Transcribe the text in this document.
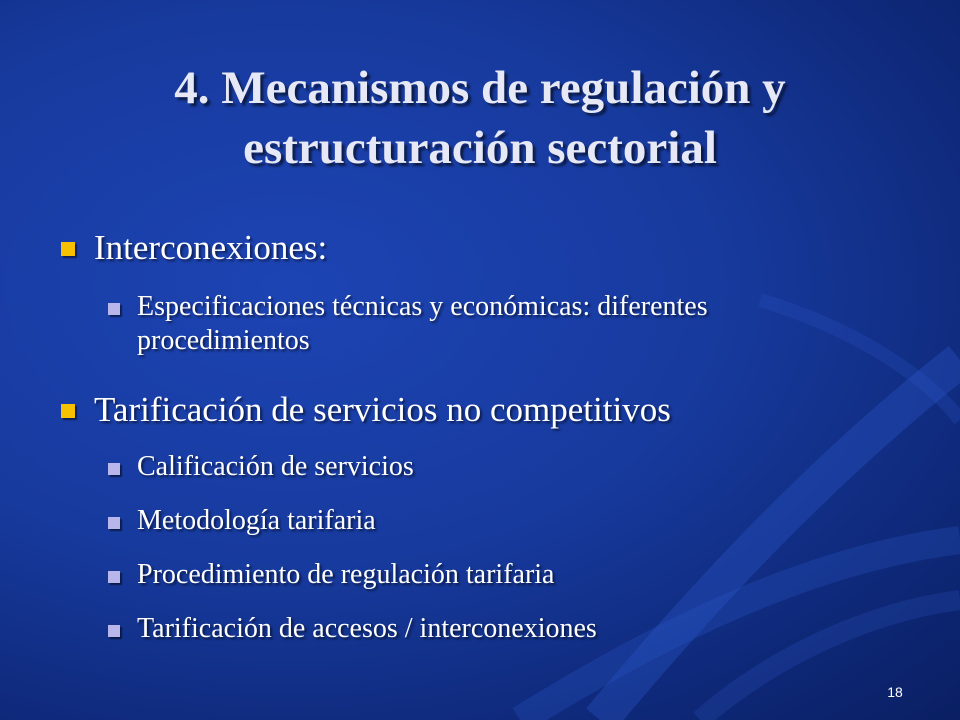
4. Mecanismos de regulación y
estructuración sectorial
Interconexiones:
Especificaciones técnicas y económicas: diferentes procedimientos
Tarificación de servicios no competitivos
Calificación de servicios
Metodología tarifaria
Procedimiento de regulación tarifaria
Tarificación de accesos / interconexiones
18
